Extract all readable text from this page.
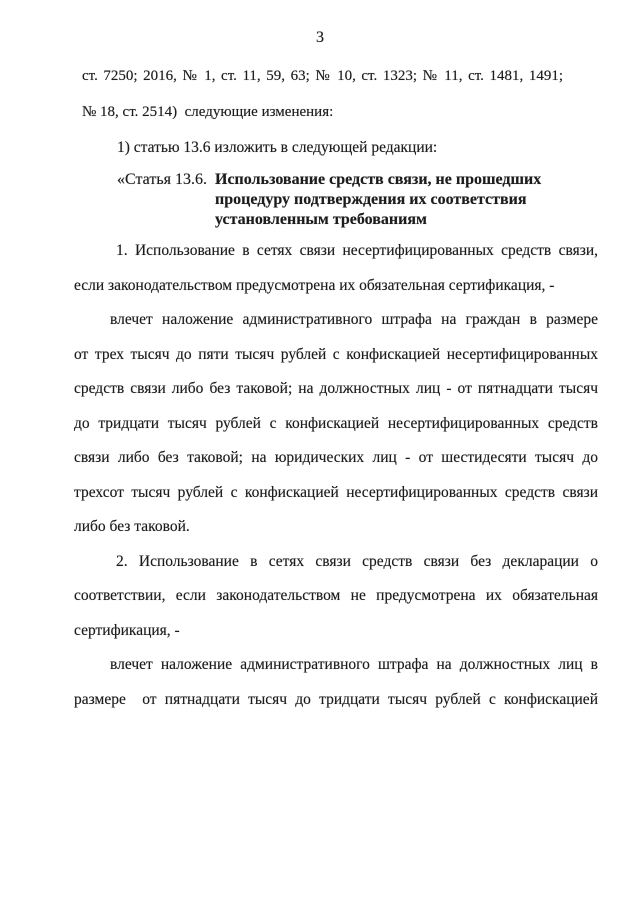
3
ст. 7250; 2016, № 1, ст. 11, 59, 63; № 10, ст. 1323; № 11, ст. 1481, 1491;
№ 18, ст. 2514)  следующие изменения:
1) статью 13.6 изложить в следующей редакции:
«Статья 13.6. Использование средств связи, не прошедших
процедуру подтверждения их соответствия
установленным требованиям
1. Использование в сетях связи несертифицированных средств связи,
если законодательством предусмотрена их обязательная сертификация, -
влечет наложение административного штрафа на граждан в размере
от трех тысяч до пяти тысяч рублей с конфискацией несертифицированных
средств связи либо без таковой; на должностных лиц - от пятнадцати тысяч
до тридцати тысяч рублей с конфискацией несертифицированных средств
связи либо без таковой; на юридических лиц - от шестидесяти тысяч до
трехсот тысяч рублей с конфискацией несертифицированных средств связи
либо без таковой.
2. Использование в сетях связи средств связи без декларации о
соответствии, если законодательством не предусмотрена их обязательная
сертификация, -
влечет наложение административного штрафа на должностных лиц в
размере  от пятнадцати тысяч до тридцати тысяч рублей с конфискацией
